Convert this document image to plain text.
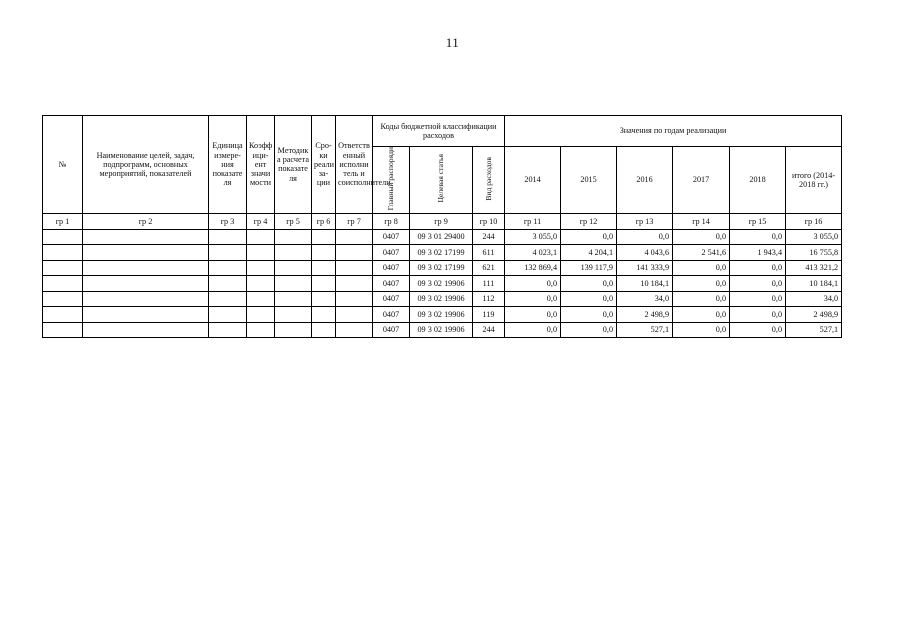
11
№	Наименование целей, задач, подпрограмм, основных мероприятий, показателей	Единица измере-ния показате ля	Коэфф ици-ент значи мости	Методик а расчета показате ля	Сро-ки реали за-ции	Ответств енный исполни тель и соисполнители	Коды бюджетной классификации расходов			Значения по годам реализации					
							Главный распоряди	Целевая статья	Вид расходов	2014	2015	2016	2017	2018	итого (2014-2018 гг.)
гр 1	гр 2	гр 3	гр 4	гр 5	гр 6	гр 7	гр 8	гр 9	гр 10	гр 11	гр 12	гр 13	гр 14	гр 15	гр 16
							0407	09 3 01 29400	244	3 055,0	0,0	0,0	0,0	0,0	3 055,0
							0407	09 3 02 17199	611	4 023,1	4 204,1	4 043,6	2 541,6	1 943,4	16 755,8
							0407	09 3 02 17199	621	132 869,4	139 117,9	141 333,9	0,0	0,0	413 321,2
							0407	09 3 02 19906	111	0,0	0,0	10 184,1	0,0	0,0	10 184,1
							0407	09 3 02 19906	112	0,0	0,0	34,0	0,0	0,0	34,0
							0407	09 3 02 19906	119	0,0	0,0	2 498,9	0,0	0,0	2 498,9
							0407	09 3 02 19906	244	0,0	0,0	527,1	0,0	0,0	527,1
